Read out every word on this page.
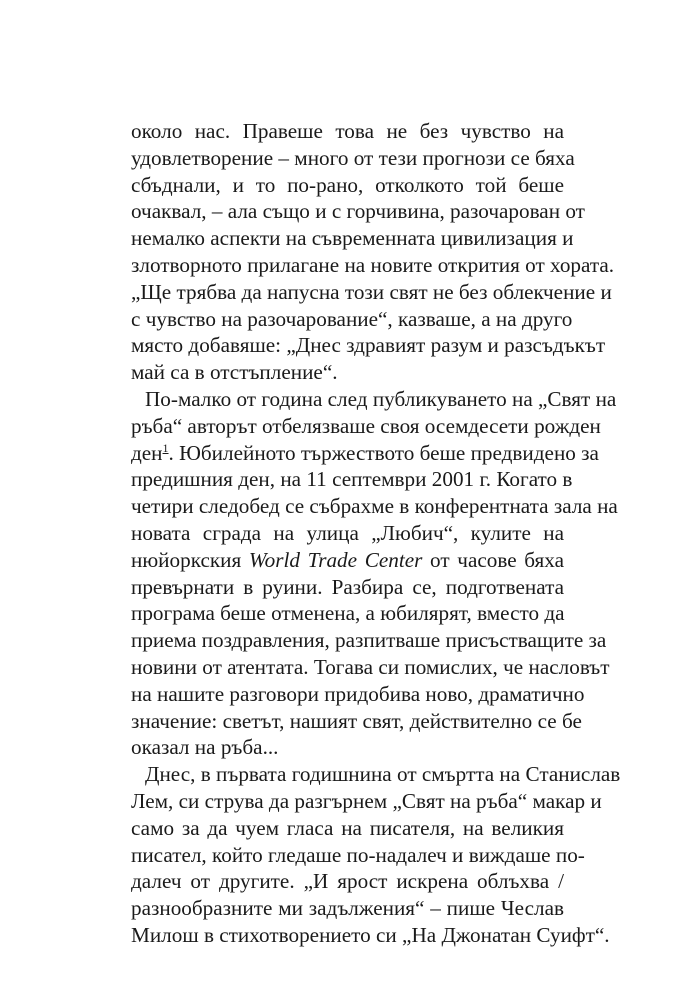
около нас. Правеше това не без чувство на
удовлетворение – много от тези прогнози се бяха
сбъднали, и то по-рано, отколкото той беше
очаквал, – ала също и с горчивина, разочарован от
немалко аспекти на съвременната цивилизация и
злотворното прилагане на новите открития от хората.
„Ще трябва да напусна този свят не без облекчение и
с чувство на разочарование“, казваше, а на друго
място добавяше: „Днес здравият разум и разсъдъкът
май са в отстъпление“.
По-малко от година след публикуването на „Свят на
ръба“ авторът отбелязваше своя осемдесети рожден
ден$^1$. Юбилейното тържеството беше предвидено за
предишния ден, на 11 септември 2001 г. Когато в
четири следобед се събрахме в конферентната зала на
новата сграда на улица „Любич“, кулите на
нюйоркския World Trade Center от часове бяха
превърнати в руини. Разбира се, подготвената
програма беше отменена, а юбилярят, вместо да
приема поздравления, разпитваше присъстващите за
новини от атентата. Тогава си помислих, че насловът
на нашите разговори придобива ново, драматично
значение: светът, нашият свят, действително се бе
оказал на ръба...
Днес, в първата годишнина от смъртта на Станислав
Лем, си струва да разгърнем „Свят на ръба“ макар и
само за да чуем гласа на писателя, на великия
писател, който гледаше по-надалеч и виждаше по-
далеч от другите. „И ярост искрена облъхва /
разнообразните ми задължения“ – пише Чеслав
Милош в стихотворението си „На Джонатан Суифт“.
